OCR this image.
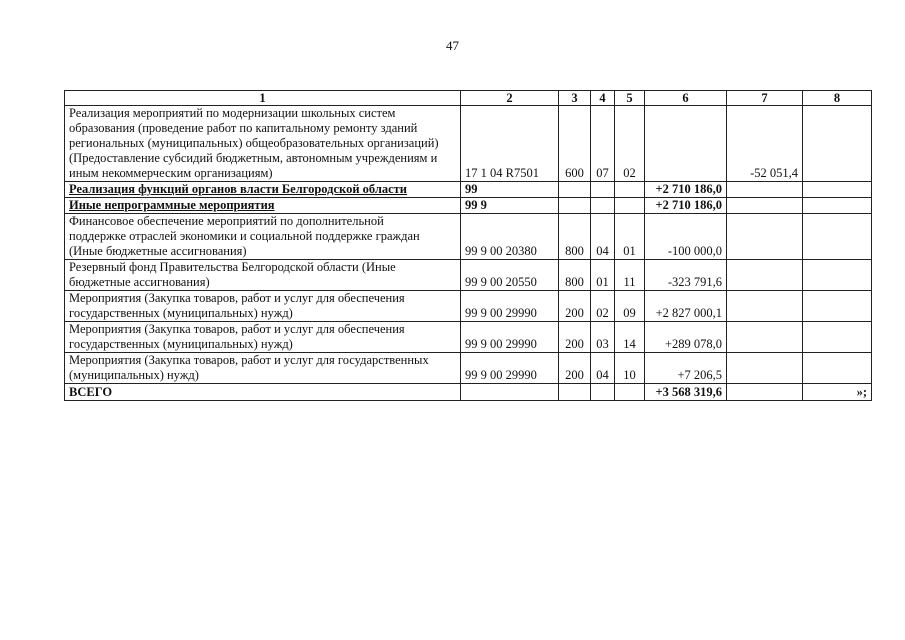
47
1	2	3	4	5	6	7	8

Реализация мероприятий по модернизации школьных систем
образования (проведение работ по капитальному ремонту зданий
региональных (муниципальных) общеобразовательных организаций)
(Предоставление субсидий бюджетным, автономным учреждениям и
иным некоммерческим организациям)	17 1 04 R7501	600	07	02		-52 051,4	

Реализация функций органов власти Белгородской области	99				+2 710 186,0		

Иные непрограммные мероприятия	99 9				+2 710 186,0		

Финансовое обеспечение мероприятий по дополнительной
поддержке отраслей экономики и социальной поддержке граждан
(Иные бюджетные ассигнования)	99 9 00 20380	800	04	01	-100 000,0		

Резервный фонд Правительства Белгородской области (Иные
бюджетные ассигнования)	99 9 00 20550	800	01	11	-323 791,6		

Мероприятия (Закупка товаров, работ и услуг для обеспечения
государственных (муниципальных) нужд)	99 9 00 29990	200	02	09	+2 827 000,1		

Мероприятия (Закупка товаров, работ и услуг для обеспечения
государственных (муниципальных) нужд)	99 9 00 29990	200	03	14	+289 078,0		

Мероприятия (Закупка товаров, работ и услуг для государственных
(муниципальных) нужд)	99 9 00 29990	200	04	10	+7 206,5		
ВСЕГО					+3 568 319,6		»;
